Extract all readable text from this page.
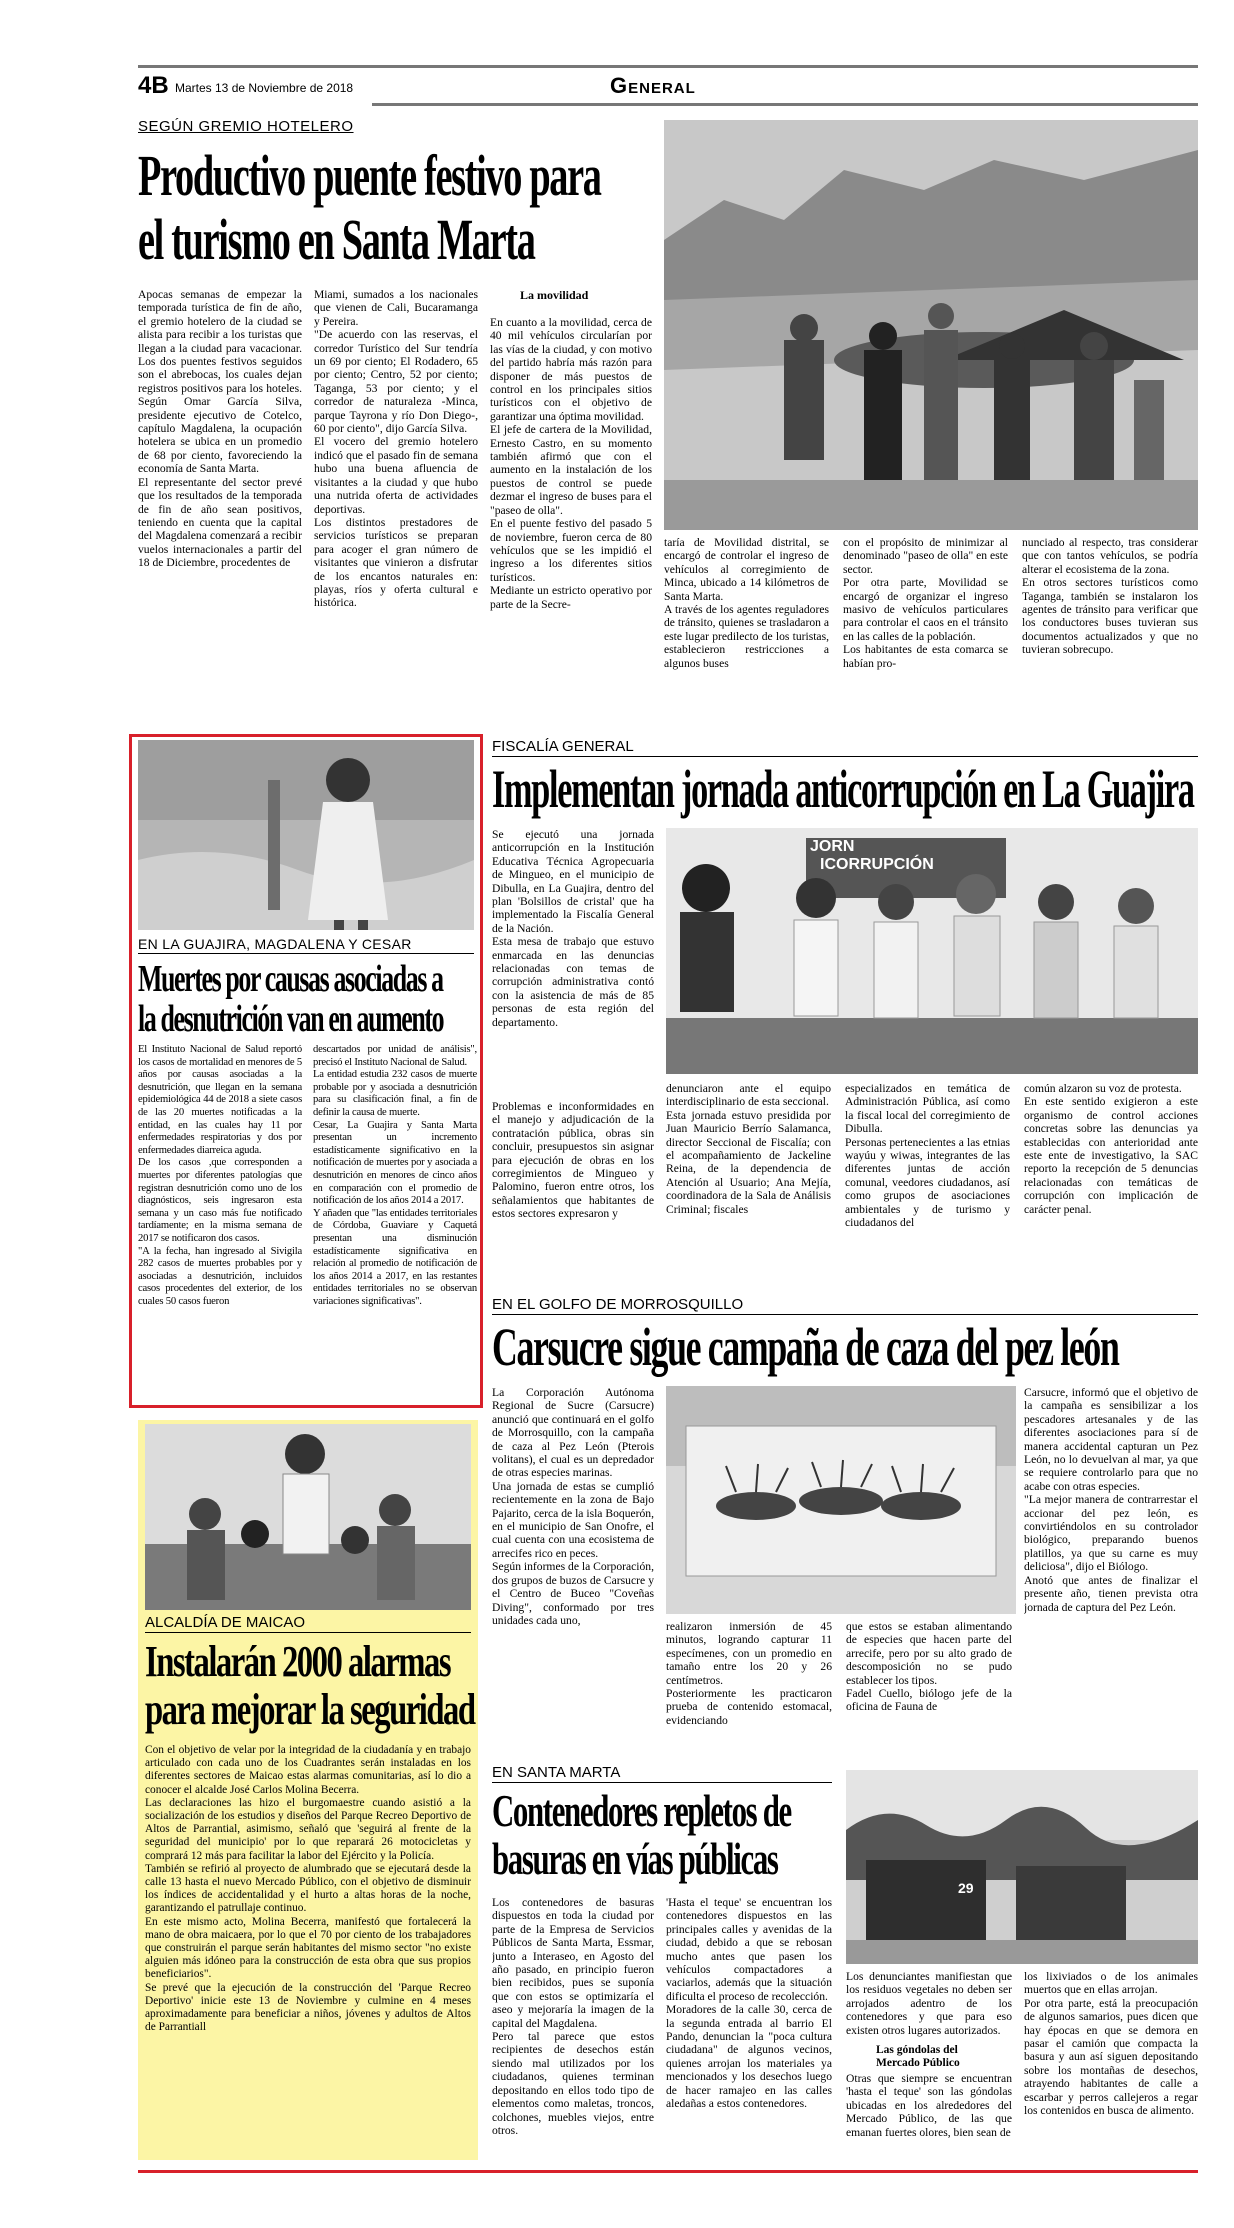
4B Martes 13 de Noviembre de 2018	General
SEGÚN GREMIO HOTELERO
Productivo puente festivo para
el turismo en Santa Marta
Apocas semanas de empezar la temporada turística de fin de año, el gremio hotelero de la ciudad se alista para recibir a los turistas que llegan a la ciudad para vacacionar. Los dos puentes festivos seguidos son el abrebocas, los cuales dejan registros positivos para los hoteles. Según Omar García Silva, presidente ejecutivo de Cotelco, capítulo Magdalena, la ocupación hotelera se ubica en un promedio de 68 por ciento, favoreciendo la economía de Santa Marta.
El representante del sector prevé que los resultados de la temporada de fin de año sean positivos, teniendo en cuenta que la capital del Magdalena comenzará a recibir vuelos internacionales a partir del 18 de Diciembre, procedentes de
Miami, sumados a los nacionales que vienen de Cali, Bucaramanga y Pereira.
"De acuerdo con las reservas, el corredor Turístico del Sur tendría un 69 por ciento; El Rodadero, 65 por ciento; Centro, 52 por ciento; Taganga, 53 por ciento; y el corredor de naturaleza -Minca, parque Tayrona y río Don Diego-, 60 por ciento", dijo García Silva.
El vocero del gremio hotelero indicó que el pasado fin de semana hubo una buena afluencia de visitantes a la ciudad y que hubo una nutrida oferta de actividades deportivas.
Los distintos prestadores de servicios turísticos se preparan para acoger el gran número de visitantes que vinieron a disfrutar de los encantos naturales en: playas, ríos y oferta cultural e histórica.
La movilidad
En cuanto a la movilidad, cerca de 40 mil vehículos circularían por las vías de la ciudad, y con motivo del partido habría más razón para disponer de más puestos de control en los principales sitios turísticos con el objetivo de garantizar una óptima movilidad.
El jefe de cartera de la Movilidad, Ernesto Castro, en su momento también afirmó que con el aumento en la instalación de los puestos de control se puede dezmar el ingreso de buses para el "paseo de olla".
En el puente festivo del pasado 5 de noviembre, fueron cerca de 80 vehículos que se les impidió el ingreso a los diferentes sitios turísticos.
Mediante un estricto operativo por parte de la Secre-
taría de Movilidad distrital, se encargó de controlar el ingreso de vehículos al corregimiento de Minca, ubicado a 14 kilómetros de Santa Marta.
A través de los agentes reguladores de tránsito, quienes se trasladaron a este lugar predilecto de los turistas, establecieron restricciones a algunos buses
con el propósito de minimizar al denominado "paseo de olla" en este sector.
Por otra parte, Movilidad se encargó de organizar el ingreso masivo de vehículos particulares para controlar el caos en el tránsito en las calles de la población.
Los habitantes de esta comarca se habían pro-
nunciado al respecto, tras considerar que con tantos vehículos, se podría alterar el ecosistema de la zona.
En otros sectores turísticos como Taganga, también se instalaron los agentes de tránsito para verificar que los conductores buses tuvieran sus documentos actualizados y que no tuvieran sobrecupo.
EN LA GUAJIRA, MAGDALENA Y CESAR
Muertes por causas asociadas a
la desnutrición van en aumento
El Instituto Nacional de Salud reportó los casos de mortalidad en menores de 5 años por causas asociadas a la desnutrición, que llegan en la semana epidemiológica 44 de 2018 a siete casos de las 20 muertes notificadas a la entidad, en las cuales hay 11 por enfermedades respiratorias y dos por enfermedades diarreica aguda.
De los casos ,que corresponden a muertes por diferentes patologías que registran desnutrición como uno de los diagnósticos, seis ingresaron esta semana y un caso más fue notificado tardíamente; en la misma semana de 2017 se notificaron dos casos.
"A la fecha, han ingresado al Sivigila 282 casos de muertes probables por y asociadas a desnutrición, incluidos casos procedentes del exterior, de los cuales 50 casos fueron
descartados por unidad de análisis", precisó el Instituto Nacional de Salud.
La entidad estudia 232 casos de muerte probable por y asociada a desnutrición para su clasificación final, a fin de definir la causa de muerte.
Cesar, La Guajira y Santa Marta presentan un incremento estadísticamente significativo en la notificación de muertes por y asociada a desnutrición en menores de cinco años en comparación con el promedio de notificación de los años 2014 a 2017.
Y añaden que "las entidades territoriales de Córdoba, Guaviare y Caquetá presentan una disminución estadísticamente significativa en relación al promedio de notificación de los años 2014 a 2017, en las restantes entidades territoriales no se observan variaciones significativas".
FISCALÍA GENERAL
Implementan jornada anticorrupción en La Guajira
Se ejecutó una jornada anticorrupción en la Institución Educativa Técnica Agropecuaria de Mingueo, en el municipio de Dibulla, en La Guajira, dentro del plan 'Bolsillos de cristal' que ha implementado la Fiscalía General de la Nación.
Esta mesa de trabajo que estuvo enmarcada en las denuncias relacionadas con temas de corrupción administrativa contó con la asistencia de más de 85 personas de esta región del departamento.
JORN
ICORRUPCIÓN
Problemas e inconformidades en el manejo y adjudicación de la contratación pública, obras sin concluir, presupuestos sin asignar para ejecución de obras en los corregimientos de Mingueo y Palomino, fueron entre otros, los señalamientos que habitantes de estos sectores expresaron y
denunciaron ante el equipo interdisciplinario de esta seccional.
Esta jornada estuvo presidida por Juan Mauricio Berrío Salamanca, director Seccional de Fiscalía; con el acompañamiento de Jackeline Reina, de la dependencia de Atención al Usuario; Ana Mejía, coordinadora de la Sala de Análisis Criminal; fiscales
especializados en temática de Administración Pública, así como la fiscal local del corregimiento de Dibulla.
Personas pertenecientes a las etnias wayúu y wiwas, integrantes de las diferentes juntas de acción comunal, veedores ciudadanos, así como grupos de asociaciones ambientales y de turismo y ciudadanos del
común alzaron su voz de protesta.
En este sentido exigieron a este organismo de control acciones concretas sobre las denuncias ya establecidas con anterioridad ante este ente de investigativo, la SAC reporto la recepción de 5 denuncias relacionadas con temáticas de corrupción con implicación de carácter penal.
EN EL GOLFO DE MORROSQUILLO
Carsucre sigue campaña de caza del pez león
La Corporación Autónoma Regional de Sucre (Carsucre) anunció que continuará en el golfo de Morrosquillo, con la campaña de caza al Pez León (Pterois volitans), el cual es un depredador de otras especies marinas.
Una jornada de estas se cumplió recientemente en la zona de Bajo Pajarito, cerca de la isla Boquerón, en el municipio de San Onofre, el cual cuenta con una ecosistema de arrecifes rico en peces.
Según informes de la Corporación, dos grupos de buzos de Carsucre y el Centro de Buceo "Coveñas Diving", conformado por tres unidades cada uno,	realizaron inmersión de 45 minutos, logrando capturar 11 especímenes, con un promedio en tamaño entre los 20 y 26 centímetros.
Posteriormente les practicaron prueba de contenido estomacal, evidenciando
que estos se estaban alimentando de especies que hacen parte del arrecife, pero por su alto grado de descomposición no se pudo establecer los tipos.
Fadel Cuello, biólogo jefe de la oficina de Fauna de
Carsucre, informó que el objetivo de la campaña es sensibilizar a los pescadores artesanales y de las diferentes asociaciones para sí de manera accidental capturan un Pez León, no lo devuelvan al mar, ya que se requiere controlarlo para que no acabe con otras especies.
"La mejor manera de contrarrestar el accionar del pez león, es convirtiéndolos en su controlador biológico, preparando buenos platillos, ya que su carne es muy deliciosa", dijo el Biólogo.
Anotó que antes de finalizar el presente año, tienen prevista otra jornada de captura del Pez León.
ALCALDÍA DE MAICAO
Instalarán 2000 alarmas
para mejorar la seguridad
Con el objetivo de velar por la integridad de la ciudadanía y en trabajo articulado con cada uno de los Cuadrantes serán instaladas en los diferentes sectores de Maicao estas alarmas comunitarias, así lo dio a conocer el alcalde José Carlos Molina Becerra.
Las declaraciones las hizo el burgomaestre cuando asistió a la socialización de los estudios y diseños del Parque Recreo Deportivo de Altos de Parrantial, asimismo, señaló que 'seguirá al frente de la seguridad del municipio' por lo que reparará 26 motocicletas y comprará 12 más para facilitar la labor del Ejército y la Policía.
También se refirió al proyecto de alumbrado que se ejecutará desde la calle 13 hasta el nuevo Mercado Público, con el objetivo de disminuir los índices de accidentalidad y el hurto a altas horas de la noche, garantizando el patrullaje continuo.
En este mismo acto, Molina Becerra, manifestó que fortalecerá la mano de obra maicaera, por lo que el 70 por ciento de los trabajadores que construirán el parque serán habitantes del mismo sector "no existe alguien más idóneo para la construcción de esta obra que sus propios beneficiarios".
Se prevé que la ejecución de la construcción del 'Parque Recreo Deportivo' inicie este 13 de Noviembre y culmine en 4 meses aproximadamente para beneficiar a niños, jóvenes y adultos de Altos de Parrantiall
EN SANTA MARTA
Contenedores repletos de
basuras en vías públicas
Los contenedores de basuras dispuestos en toda la ciudad por parte de la Empresa de Servicios Públicos de Santa Marta, Essmar, junto a Interaseo, en Agosto del año pasado, en principio fueron bien recibidos, pues se suponía que con estos se optimizaría el aseo y mejoraría la imagen de la capital del Magdalena.
Pero tal parece que estos recipientes de desechos están siendo mal utilizados por los ciudadanos, quienes terminan depositando en ellos todo tipo de elementos como maletas, troncos, colchones, muebles viejos, entre otros.
'Hasta el teque' se encuentran los contenedores dispuestos en las principales calles y avenidas de la ciudad, debido a que se rebosan mucho antes que pasen los vehículos compactadores a vaciarlos, además que la situación dificulta el proceso de recolección.
Moradores de la calle 30, cerca de la segunda entrada al barrio El Pando, denuncian la "poca cultura ciudadana" de algunos vecinos, quienes arrojan los materiales ya mencionados y los desechos luego de hacer ramajeo en las calles aledañas a estos contenedores.
29
Los denunciantes manifiestan que los residuos vegetales no deben ser arrojados adentro de los contenedores y que para eso existen otros lugares autorizados.
Las góndolas del
Mercado Público
Otras que siempre se encuentran 'hasta el teque' son las góndolas ubicadas en los alrededores del Mercado Público, de las que emanan fuertes olores, bien sean de
los lixiviados o de los animales muertos que en ellas arrojan.
Por otra parte, está la preocupación de algunos samarios, pues dicen que hay épocas en que se demora en pasar el camión que compacta la basura y aun así siguen depositando sobre los montañas de desechos, atrayendo habitantes de calle a escarbar y perros callejeros a regar los contenidos en busca de alimento.
